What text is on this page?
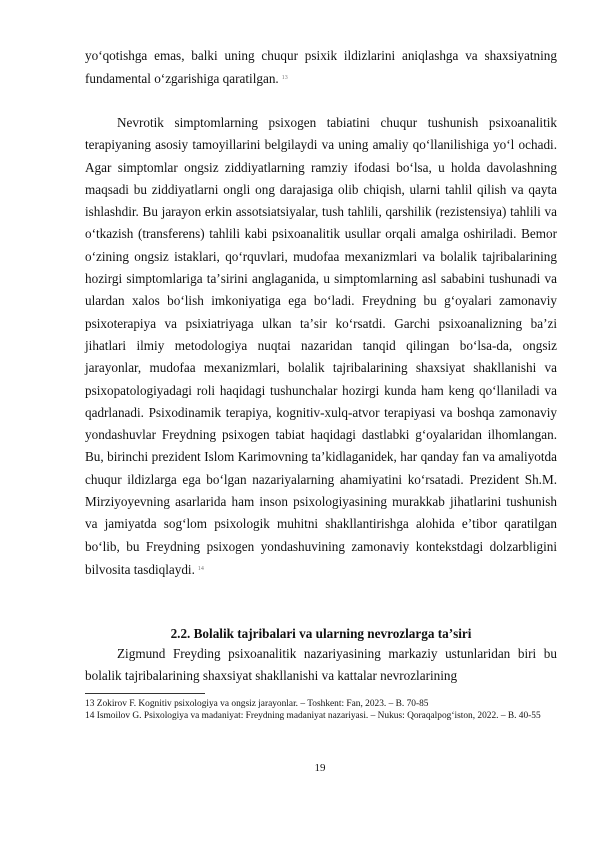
yoʻqotishga emas, balki uning chuqur psixik ildizlarini aniqlashga va shaxsiyatning fundamental oʻzgarishiga qaratilgan. $^{13}$
Nevrotik simptomlarning psixogen tabiatini chuqur tushunish psixoanalitik terapiyaning asosiy tamoyillarini belgilaydi va uning amaliy qoʻllanilishiga yoʻl ochadi. Agar simptomlar ongsiz ziddiyatlarning ramziy ifodasi boʻlsa, u holda davolashning maqsadi bu ziddiyatlarni ongli ong darajasiga olib chiqish, ularni tahlil qilish va qayta ishlashdir. Bu jarayon erkin assotsiatsiyalar, tush tahlili, qarshilik (rezistensiya) tahlili va oʻtkazish (transferens) tahlili kabi psixoanalitik usullar orqali amalga oshiriladi. Bemor oʻzining ongsiz istaklari, qoʻrquvlari, mudofaa mexanizmlari va bolalik tajribalarining hozirgi simptomlariga taʼsirini anglaganida, u simptomlarning asl sababini tushunadi va ulardan xalos boʻlish imkoniyatiga ega boʻladi. Freydning bu gʻoyalari zamonaviy psixoterapiya va psixiatriyaga ulkan taʼsir koʻrsatdi. Garchi psixoanalizning baʼzi jihatlari ilmiy metodologiya nuqtai nazaridan tanqid qilingan boʻlsa-da, ongsiz jarayonlar, mudofaa mexanizmlari, bolalik tajribalarining shaxsiyat shakllanishi va psixopatologiyadagi roli haqidagi tushunchalar hozirgi kunda ham keng qoʻllaniladi va qadrlanadi. Psixodinamik terapiya, kognitiv-xulq-atvor terapiyasi va boshqa zamonaviy yondashuvlar Freydning psixogen tabiat haqidagi dastlabki gʻoyalaridan ilhomlangan. Bu, birinchi prezident Islom Karimovning taʼkidlaganidek, har qanday fan va amaliyotda chuqur ildizlarga ega boʻlgan nazariyalarning ahamiyatini koʻrsatadi. Prezident Sh.M. Mirziyoyevning asarlarida ham inson psixologiyasining murakkab jihatlarini tushunish va jamiyatda sogʻlom psixologik muhitni shakllantirishga alohida eʼtibor qaratilgan boʻlib, bu Freydning psixogen yondashuvining zamonaviy kontekstdagi dolzarbligini bilvosita tasdiqlaydi. $^{14}$
2.2. Bolalik tajribalari va ularning nevrozlarga taʼsiri
Zigmund Freyding psixoanalitik nazariyasining markaziy ustunlaridan biri bu bolalik tajribalarining shaxsiyat shakllanishi va kattalar nevrozlarining

13 Zokirov F. Kognitiv psixologiya va ongsiz jarayonlar. – Toshkent: Fan, 2023. – B. 70-85

14 Ismoilov G. Psixologiya va madaniyat: Freydning madaniyat nazariyasi. – Nukus: Qoraqalpogʻiston, 2022. – B. 40-55

19
